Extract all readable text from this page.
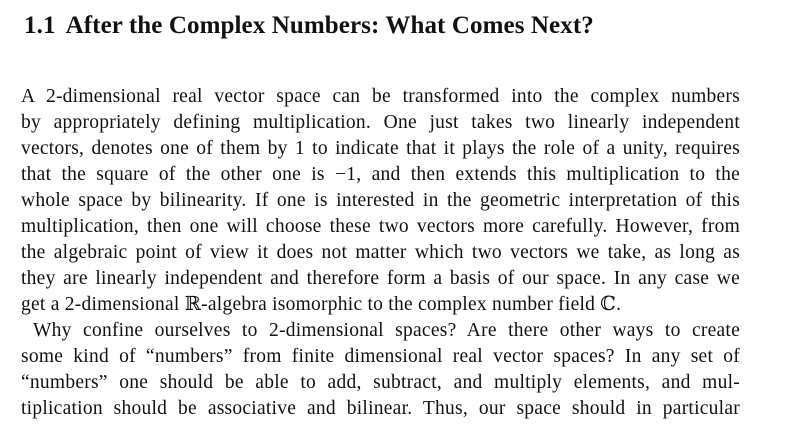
1.1 After the Complex Numbers: What Comes Next?
A 2-dimensional real vector space can be transformed into the complex numbers
by appropriately defining multiplication. One just takes two linearly independent
vectors, denotes one of them by 1 to indicate that it plays the role of a unity, requires
that the square of the other one is −1, and then extends this multiplication to the
whole space by bilinearity. If one is interested in the geometric interpretation of this
multiplication, then one will choose these two vectors more carefully. However, from
the algebraic point of view it does not matter which two vectors we take, as long as
they are linearly independent and therefore form a basis of our space. In any case we
get a 2-dimensional ℝ-algebra isomorphic to the complex number field ℂ.
Why confine ourselves to 2-dimensional spaces? Are there other ways to create
some kind of “numbers” from finite dimensional real vector spaces? In any set of
“numbers” one should be able to add, subtract, and multiply elements, and mul-
tiplication should be associative and bilinear. Thus, our space should in particular
